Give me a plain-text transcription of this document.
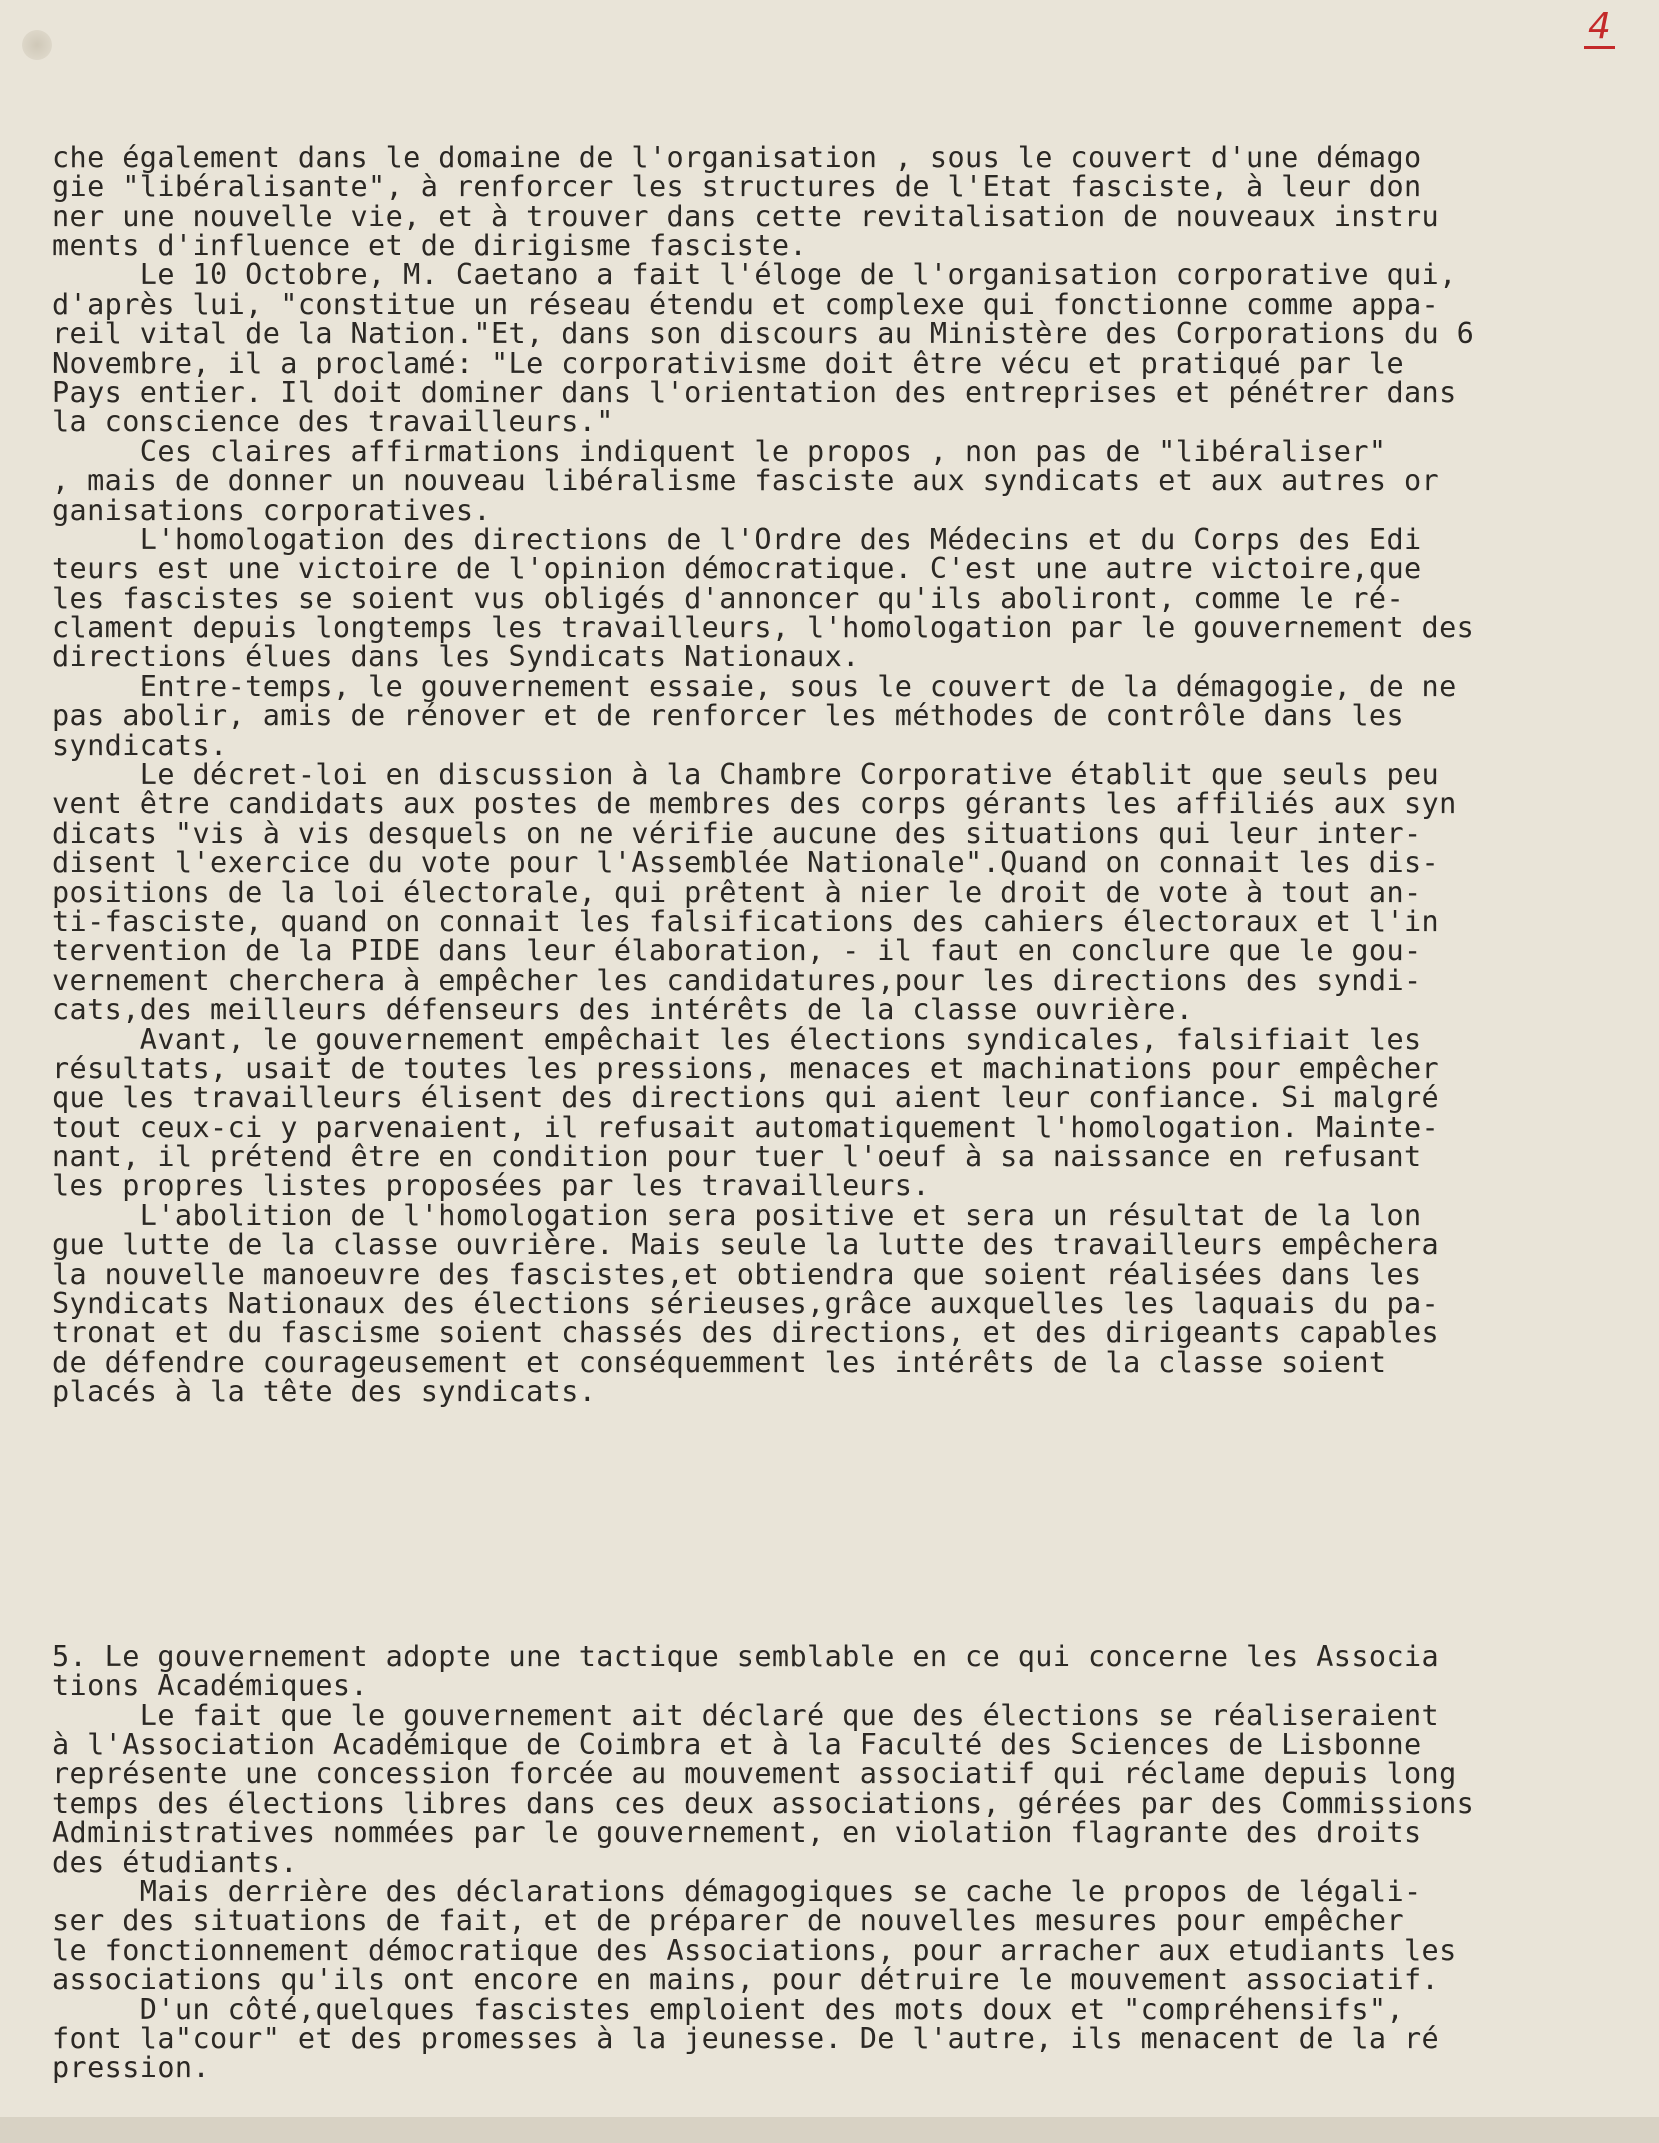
4

che également dans le domaine de l'organisation , sous le couvert d'une démago
gie "libéralisante", à renforcer les structures de l'Etat fasciste, à leur don
ner une nouvelle vie, et à trouver dans cette revitalisation de nouveaux instru
ments d'influence et de dirigisme fasciste.
Le 10 Octobre, M. Caetano a fait l'éloge de l'organisation corporative qui,
d'après lui, "constitue un réseau étendu et complexe qui fonctionne comme appa-
reil vital de la Nation."Et, dans son discours au Ministère des Corporations du 6
Novembre, il a proclamé: "Le corporativisme doit être vécu et pratiqué par le
Pays entier. Il doit dominer dans l'orientation des entreprises et pénétrer dans
la conscience des travailleurs."
Ces claires affirmations indiquent le propos , non pas de "libéraliser"
, mais de donner un nouveau libéralisme fasciste aux syndicats et aux autres or
ganisations corporatives.
L'homologation des directions de l'Ordre des Médecins et du Corps des Edi
teurs est une victoire de l'opinion démocratique. C'est une autre victoire,que
les fascistes se soient vus obligés d'annoncer qu'ils aboliront, comme le ré-
clament depuis longtemps les travailleurs, l'homologation par le gouvernement des
directions élues dans les Syndicats Nationaux.
Entre-temps, le gouvernement essaie, sous le couvert de la démagogie, de ne
pas abolir, amis de rénover et de renforcer les méthodes de contrôle dans les
syndicats.
Le décret-loi en discussion à la Chambre Corporative établit que seuls peu
vent être candidats aux postes de membres des corps gérants les affiliés aux syn
dicats "vis à vis desquels on ne vérifie aucune des situations qui leur inter-
disent l'exercice du vote pour l'Assemblée Nationale".Quand on connait les dis-
positions de la loi électorale, qui prêtent à nier le droit de vote à tout an-
ti-fasciste, quand on connait les falsifications des cahiers électoraux et l'in
tervention de la PIDE dans leur élaboration, - il faut en conclure que le gou-
vernement cherchera à empêcher les candidatures,pour les directions des syndi-
cats,des meilleurs défenseurs des intérêts de la classe ouvrière.
Avant, le gouvernement empêchait les élections syndicales, falsifiait les
résultats, usait de toutes les pressions, menaces et machinations pour empêcher
que les travailleurs élisent des directions qui aient leur confiance. Si malgré
tout ceux-ci y parvenaient, il refusait automatiquement l'homologation. Mainte-
nant, il prétend être en condition pour tuer l'oeuf à sa naissance en refusant
les propres listes proposées par les travailleurs.
L'abolition de l'homologation sera positive et sera un résultat de la lon
gue lutte de la classe ouvrière. Mais seule la lutte des travailleurs empêchera
la nouvelle manoeuvre des fascistes,et obtiendra que soient réalisées dans les
Syndicats Nationaux des élections sérieuses,grâce auxquelles les laquais du pa-
tronat et du fascisme soient chassés des directions, et des dirigeants capables
de défendre courageusement et conséquemment les intérêts de la classe soient
placés à la tête des syndicats.

5. Le gouvernement adopte une tactique semblable en ce qui concerne les Associa
tions Académiques.
Le fait que le gouvernement ait déclaré que des élections se réaliseraient
à l'Association Académique de Coimbra et à la Faculté des Sciences de Lisbonne
représente une concession forcée au mouvement associatif qui réclame depuis long
temps des élections libres dans ces deux associations, gérées par des Commissions
Administratives nommées par le gouvernement, en violation flagrante des droits
des étudiants.
Mais derrière des déclarations démagogiques se cache le propos de légali-
ser des situations de fait, et de préparer de nouvelles mesures pour empêcher
le fonctionnement démocratique des Associations, pour arracher aux etudiants les
associations qu'ils ont encore en mains, pour détruire le mouvement associatif.
D'un côté,quelques fascistes emploient des mots doux et "compréhensifs",
font la"cour" et des promesses à la jeunesse. De l'autre, ils menacent de la ré
pression.
